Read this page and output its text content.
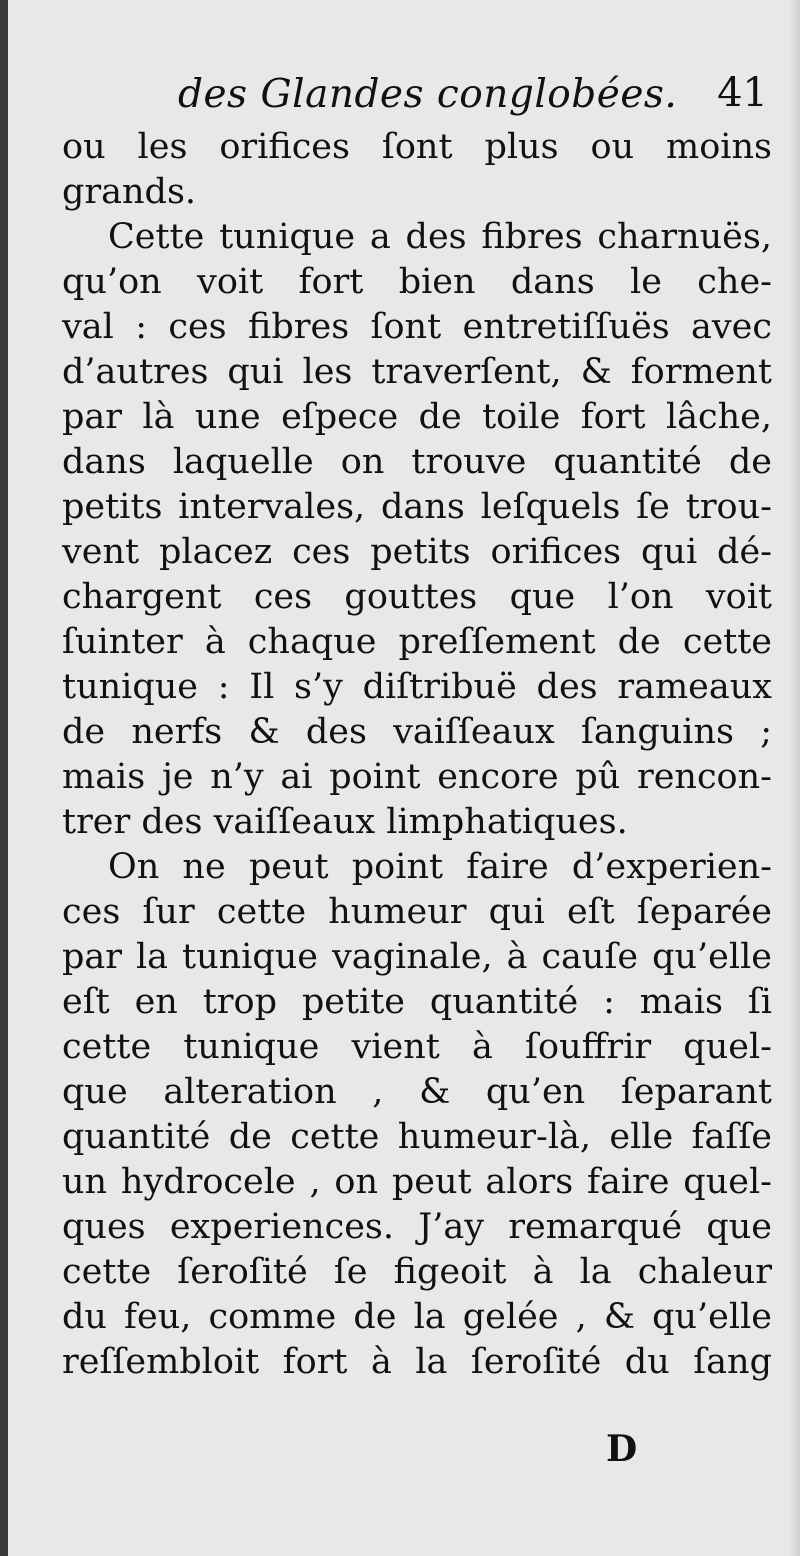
des Glandes conglobées. 41
ou les orifices ſont plus ou moins
grands.
Cette tunique a des fibres charnuës,
qu’on voit fort bien dans le che-
val : ces fibres ſont entretiſſuës avec
d’autres qui les traverſent, & forment
par là une eſpece de toile fort lâche,
dans laquelle on trouve quantité de
petits intervales, dans leſquels ſe trou-
vent placez ces petits orifices qui dé-
chargent ces gouttes que l’on voit
ſuinter à chaque preſſement de cette
tunique : Il s’y diſtribuë des rameaux
de nerfs & des vaiſſeaux ſanguins ;
mais je n’y ai point encore pû rencon-
trer des vaiſſeaux limphatiques.
On ne peut point faire d’experien-
ces ſur cette humeur qui eſt ſeparée
par la tunique vaginale, à cauſe qu’elle
eſt en trop petite quantité : mais ſi
cette tunique vient à ſouffrir quel-
que alteration , & qu’en ſeparant
quantité de cette humeur-là, elle faſſe
un hydrocele , on peut alors faire quel-
ques experiences. J’ay remarqué que
cette ſeroſité ſe figeoit à la chaleur
du feu, comme de la gelée , & qu’elle
reſſembloit fort à la ſeroſité du ſang
D
